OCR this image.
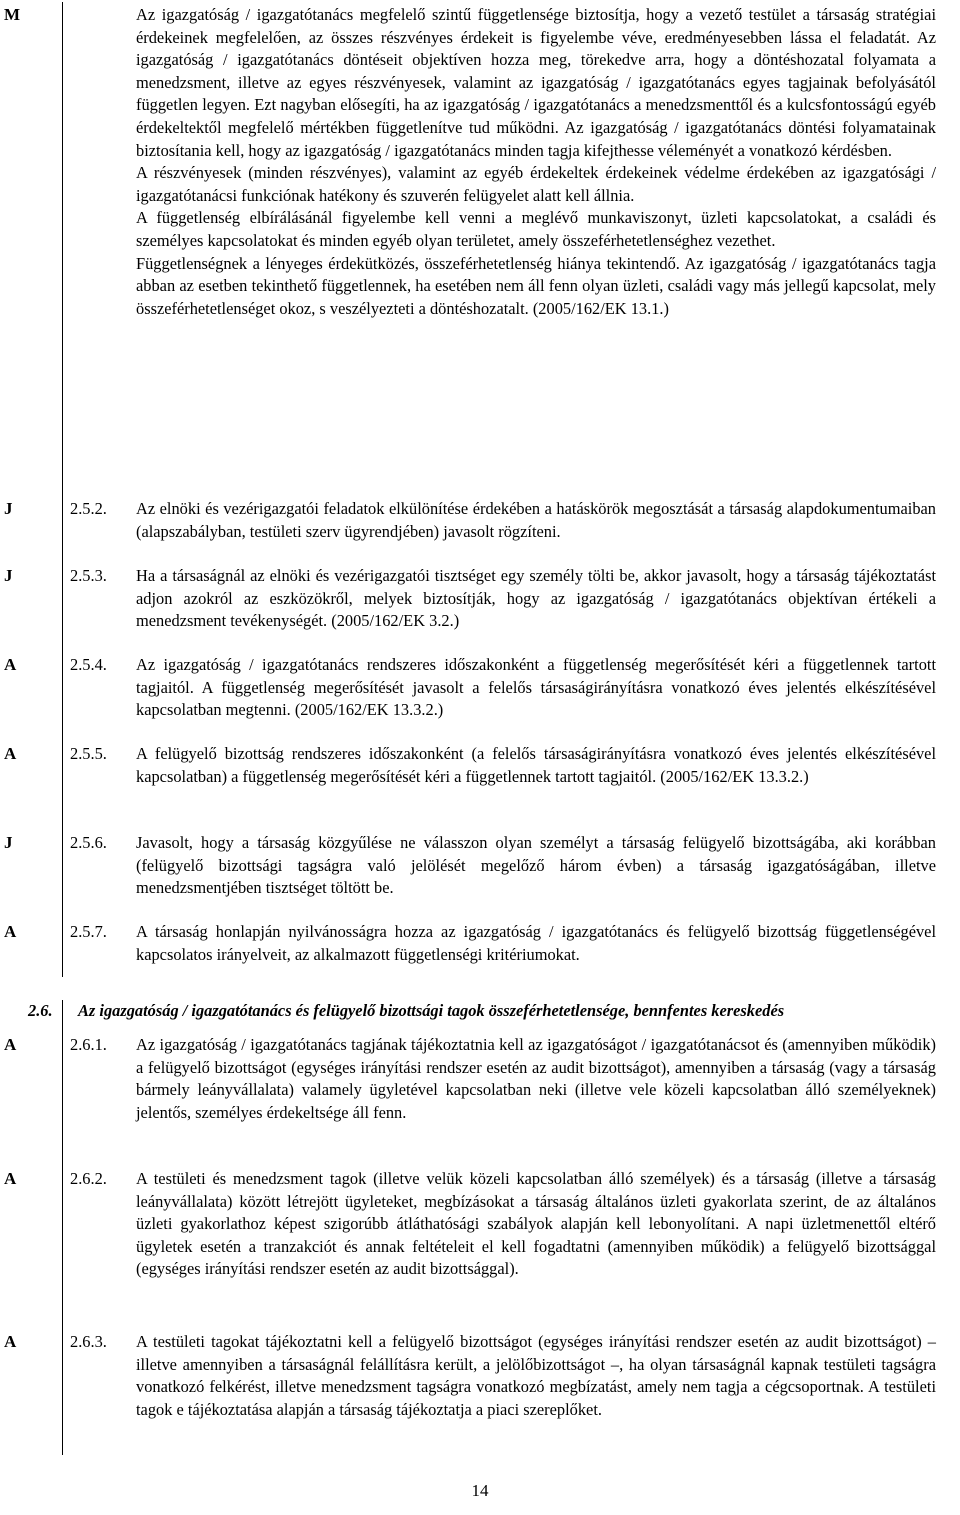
M	Az igazgatóság / igazgatótanács megfelelő szintű függetlensége biztosítja, hogy a vezető testület a társaság stratégiai érdekeinek megfelelően, az összes részvényes érdekeit is figyelembe véve, eredményesebben lássa el feladatát. Az igazgatóság / igazgatótanács döntéseit objektíven hozza meg, törekedve arra, hogy a döntéshozatal folyamata a menedzsment, illetve az egyes részvényesek, valamint az igazgatóság / igazgatótanács egyes tagjainak befolyásától független legyen. Ezt nagyban elősegíti, ha az igazgatóság / igazgatótanács a menedzsmenttől és a kulcsfontosságú egyéb érdekeltektől megfelelő mértékben függetlenítve tud működni. Az igazgatóság / igazgatótanács döntési folyamatainak biztosítania kell, hogy az igazgatóság / igazgatótanács minden tagja kifejthesse véleményét a vonatkozó kérdésben.

A részvényesek (minden részvényes), valamint az egyéb érdekeltek érdekeinek védelme érdekében az igazgatósági / igazgatótanácsi funkciónak hatékony és szuverén felügyelet alatt kell állnia.

A függetlenség elbírálásánál figyelembe kell venni a meglévő munkaviszonyt, üzleti kapcsolatokat, a családi és személyes kapcsolatokat és minden egyéb olyan területet, amely összeférhetetlenséghez vezethet.

Függetlenségnek a lényeges érdekütközés, összeférhetetlenség hiánya tekintendő. Az igazgatóság / igazgatótanács tagja abban az esetben tekinthető függetlennek, ha esetében nem áll fenn olyan üzleti, családi vagy más jellegű kapcsolat, mely összeférhetetlenséget okoz, s veszélyezteti a döntéshozatalt. (2005/162/EK 13.1.)

J	2.5.2. Az elnöki és vezérigazgatói feladatok elkülönítése érdekében a hatáskörök megosztását a társaság alapdokumentumaiban (alapszabályban, testületi szerv ügyrendjében) javasolt rögzíteni.
J	2.5.3. Ha a társaságnál az elnöki és vezérigazgatói tisztséget egy személy tölti be, akkor javasolt, hogy a társaság tájékoztatást adjon azokról az eszközökről, melyek biztosítják, hogy az igazgatóság / igazgatótanács objektívan értékeli a menedzsment tevékenységét. (2005/162/EK 3.2.)
A	2.5.4. Az igazgatóság / igazgatótanács rendszeres időszakonként a függetlenség megerősítését kéri a függetlennek tartott tagjaitól. A függetlenség megerősítését javasolt a felelős társaságirányításra vonatkozó éves jelentés elkészítésével kapcsolatban megtenni. (2005/162/EK 13.3.2.)
A	2.5.5. A felügyelő bizottság rendszeres időszakonként (a felelős társaságirányításra vonatkozó éves jelentés elkészítésével kapcsolatban) a függetlenség megerősítését kéri a függetlennek tartott tagjaitól. (2005/162/EK 13.3.2.)
J	2.5.6. Javasolt, hogy a társaság közgyűlése ne válasszon olyan személyt a társaság felügyelő bizottságába, aki korábban (felügyelő bizottsági tagságra való jelölését megelőző három évben) a társaság igazgatóságában, illetve menedzsmentjében tisztséget töltött be.
A	2.5.7. A társaság honlapján nyilvánosságra hozza az igazgatóság / igazgatótanács és felügyelő bizottság függetlenségével kapcsolatos irányelveit, az alkalmazott függetlenségi kritériumokat.
2.6. Az igazgatóság / igazgatótanács és felügyelő bizottsági tagok összeférhetetlensége, bennfentes kereskedés
A	2.6.1. Az igazgatóság / igazgatótanács tagjának tájékoztatnia kell az igazgatóságot / igazgatótanácsot és (amennyiben működik) a felügyelő bizottságot (egységes irányítási rendszer esetén az audit bizottságot), amennyiben a társaság (vagy a társaság bármely leányvállalata) valamely ügyletével kapcsolatban neki (illetve vele közeli kapcsolatban álló személyeknek) jelentős, személyes érdekeltsége áll fenn.
A	2.6.2. A testületi és menedzsment tagok (illetve velük közeli kapcsolatban álló személyek) és a társaság (illetve a társaság leányvállalata) között létrejött ügyleteket, megbízásokat a társaság általános üzleti gyakorlata szerint, de az általános üzleti gyakorlathoz képest szigorúbb átláthatósági szabályok alapján kell lebonyolítani. A napi üzletmenettől eltérő ügyletek esetén a tranzakciót és annak feltételeit el kell fogadtatni (amennyiben működik) a felügyelő bizottsággal (egységes irányítási rendszer esetén az audit bizottsággal).
A	2.6.3. A testületi tagokat tájékoztatni kell a felügyelő bizottságot (egységes irányítási rendszer esetén az audit bizottságot) – illetve amennyiben a társaságnál felállításra került, a jelölőbizottságot –, ha olyan társaságnál kapnak testületi tagságra vonatkozó felkérést, illetve menedzsment tagságra vonatkozó megbízatást, amely nem tagja a cégcsoportnak. A testületi tagok e tájékoztatása alapján a társaság tájékoztatja a piaci szereplőket.
14
